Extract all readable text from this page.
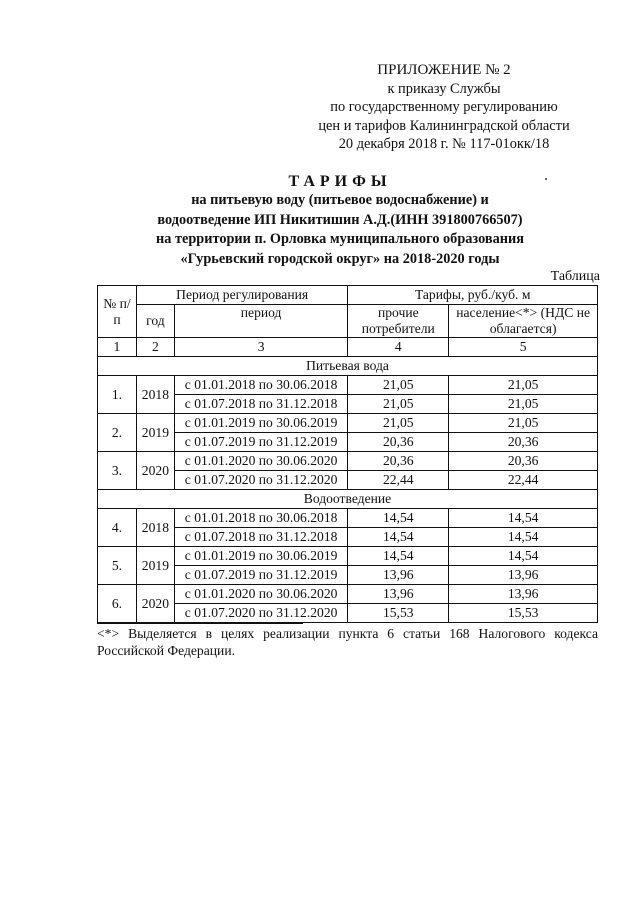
ПРИЛОЖЕНИЕ № 2
к приказу Службы
по государственному регулированию
цен и тарифов Калининградской области
20 декабря 2018 г. № 117-01окк/18
ТАРИФЫ
на питьевую воду (питьевое водоснабжение) и
водоотведение ИП Никитишин А.Д.(ИНН 391800766507)
на территории п. Орловка муниципального образования
«Гурьевский городской округ» на 2018-2020 годы
Таблица
№ п/п	Период регулирования		Тарифы, руб./куб. м	
	год	период	прочие потребители	население<*> (НДС не облагается)
1	2	3	4	5
Питьевая вода				
1.	2018	с 01.01.2018 по 30.06.2018	21,05	21,05
		с 01.07.2018 по 31.12.2018	21,05	21,05
2.	2019	с 01.01.2019 по 30.06.2019	21,05	21,05
		с 01.07.2019 по 31.12.2019	20,36	20,36
3.	2020	с 01.01.2020 по 30.06.2020	20,36	20,36
		с 01.07.2020 по 31.12.2020	22,44	22,44
Водоотведение				
4.	2018	с 01.01.2018 по 30.06.2018	14,54	14,54
		с 01.07.2018 по 31.12.2018	14,54	14,54
5.	2019	с 01.01.2019 по 30.06.2019	14,54	14,54
		с 01.07.2019 по 31.12.2019	13,96	13,96
6.	2020	с 01.01.2020 по 30.06.2020	13,96	13,96
		с 01.07.2020 по 31.12.2020	15,53	15,53
<*> Выделяется в целях реализации пункта 6 статьи 168 Налогового кодекса
Российской Федерации.
